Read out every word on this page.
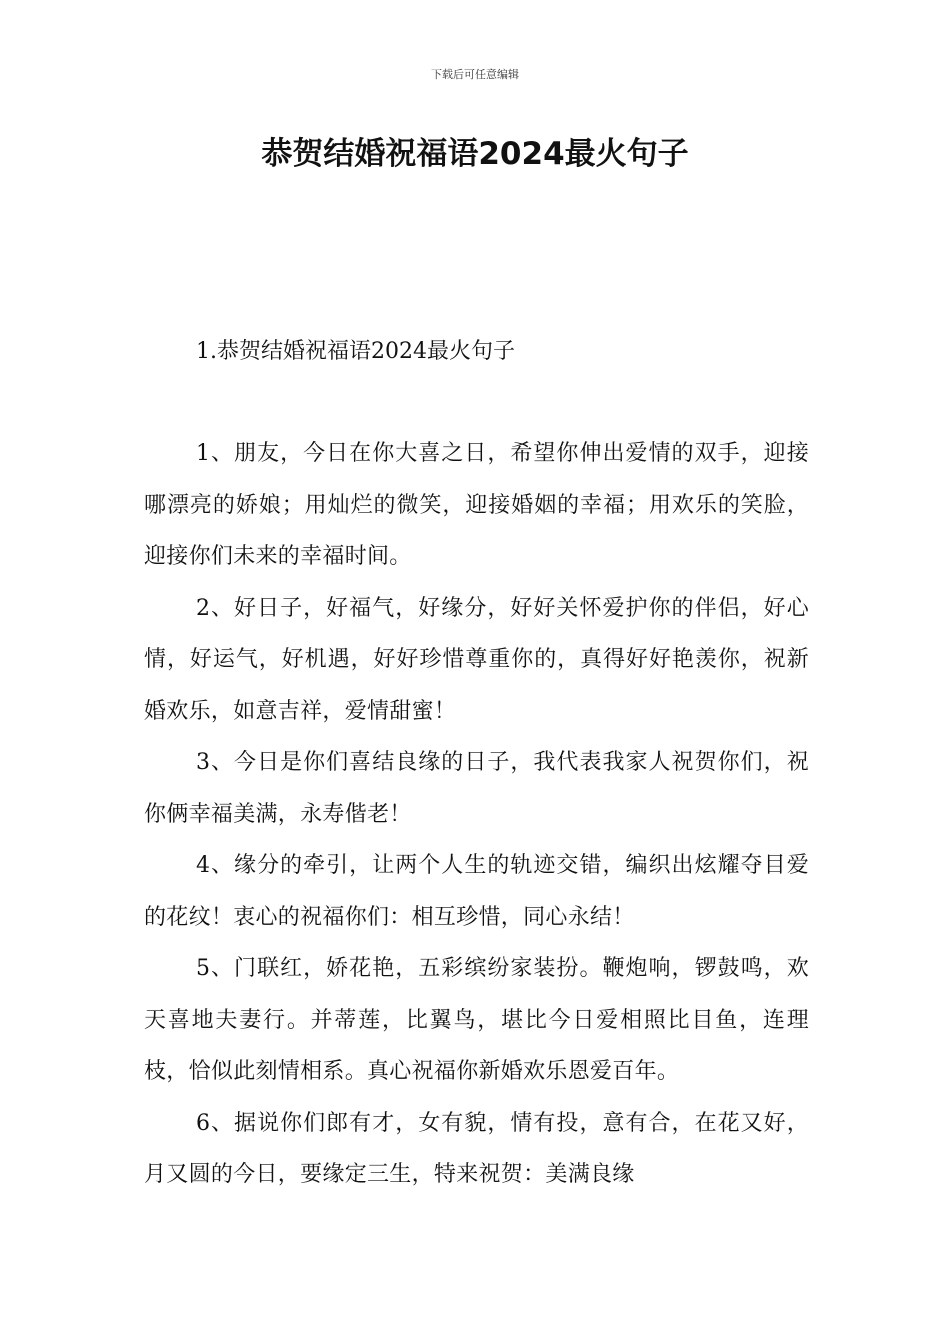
下载后可任意编辑
恭贺结婚祝福语2024最火句子
1.恭贺结婚祝福语2024最火句子

1、朋友，今日在你大喜之日，希望你伸出爱情的双手，迎接哪漂亮的娇娘；用灿烂的微笑，迎接婚姻的幸福；用欢乐的笑脸，迎接你们未来的幸福时间。

2、好日子，好福气，好缘分，好好关怀爱护你的伴侣，好心情，好运气，好机遇，好好珍惜尊重你的，真得好好艳羡你，祝新婚欢乐，如意吉祥，爱情甜蜜！

3、今日是你们喜结良缘的日子，我代表我家人祝贺你们，祝你俩幸福美满，永寿偕老！

4、缘分的牵引，让两个人生的轨迹交错，编织出炫耀夺目爱的花纹！衷心的祝福你们：相互珍惜，同心永结！

5、门联红，娇花艳，五彩缤纷家装扮。鞭炮响，锣鼓鸣，欢天喜地夫妻行。并蒂莲，比翼鸟，堪比今日爱相照比目鱼，连理枝，恰似此刻情相系。真心祝福你新婚欢乐恩爱百年。

6、据说你们郎有才，女有貌，情有投，意有合，在花又好，月又圆的今日，要缘定三生，特来祝贺：美满良缘
